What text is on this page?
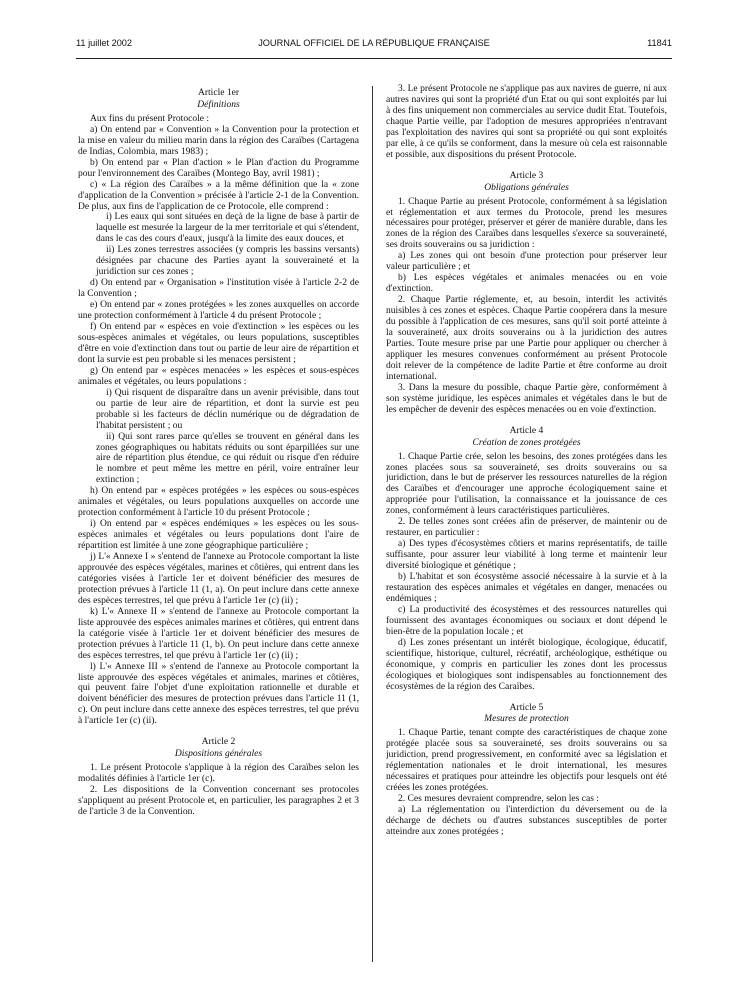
11 juillet 2002	JOURNAL OFFICIEL DE LA RÉPUBLIQUE FRANÇAISE	11841
Article 1er
Définitions

Aux fins du présent Protocole :

a) On entend par « Convention » la Convention pour la protection et la mise en valeur du milieu marin dans la région des Caraïbes (Cartagena de Indias, Colombia, mars 1983) ;

b) On entend par « Plan d'action » le Plan d'action du Programme pour l'environnement des Caraïbes (Montego Bay, avril 1981) ;

c) « La région des Caraïbes » a la même définition que la « zone d'application de la Convention » précisée à l'article 2-1 de la Convention. De plus, aux fins de l'application de ce Protocole, elle comprend :

i) Les eaux qui sont situées en deçà de la ligne de base à partir de laquelle est mesurée la largeur de la mer territoriale et qui s'étendent, dans le cas des cours d'eaux, jusqu'à la limite des eaux douces, et

ii) Les zones terrestres associées (y compris les bassins versants) désignées par chacune des Parties ayant la souveraineté et la juridiction sur ces zones ;

d) On entend par « Organisation » l'institution visée à l'article 2-2 de la Convention ;

e) On entend par « zones protégées » les zones auxquelles on accorde une protection conformément à l'article 4 du présent Protocole ;

f) On entend par « espèces en voie d'extinction » les espèces ou les sous-espèces animales et végétales, ou leurs populations, susceptibles d'être en voie d'extinction dans tout ou partie de leur aire de répartition et dont la survie est peu probable si les menaces persistent ;

g) On entend par « espèces menacées » les espèces et sous-espèces animales et végétales, ou leurs populations :

i) Qui risquent de disparaître dans un avenir prévisible, dans tout ou partie de leur aire de répartition, et dont la survie est peu probable si les facteurs de déclin numérique ou de dégradation de l'habitat persistent ; ou

ii) Qui sont rares parce qu'elles se trouvent en général dans les zones géographiques ou habitats réduits ou sont éparpillées sur une aire de répartition plus étendue, ce qui réduit ou risque d'en réduire le nombre et peut même les mettre en péril, voire entraîner leur extinction ;

h) On entend par « espèces protégées » les espèces ou sous-espèces animales et végétales, ou leurs populations auxquelles on accorde une protection conformément à l'article 10 du présent Protocole ;

i) On entend par « espèces endémiques » les espèces ou les sous-espèces animales et végétales ou leurs populations dont l'aire de répartition est limitée à une zone géographique particulière ;

j) L'« Annexe I » s'entend de l'annexe au Protocole comportant la liste approuvée des espèces végétales, marines et côtières, qui entrent dans les catégories visées à l'article 1er et doivent bénéficier des mesures de protection prévues à l'article 11 (1, a). On peut inclure dans cette annexe des espèces terrestres, tel que prévu à l'article 1er (c) (ii) ;

k) L'« Annexe II » s'entend de l'annexe au Protocole comportant la liste approuvée des espèces animales marines et côtières, qui entrent dans la catégorie visée à l'article 1er et doivent bénéficier des mesures de protection prévues à l'article 11 (1, b). On peut inclure dans cette annexe des espèces terrestres, tel que prévu à l'article 1er (c) (ii) ;

l) L'« Annexe III » s'entend de l'annexe au Protocole comportant la liste approuvée des espèces végétales et animales, marines et côtières, qui peuvent faire l'objet d'une exploitation rationnelle et durable et doivent bénéficier des mesures de protection prévues dans l'article 11 (1, c). On peut inclure dans cette annexe des espèces terrestres, tel que prévu à l'article 1er (c) (ii).

Article 2
Dispositions générales

1. Le présent Protocole s'applique à la région des Caraïbes selon les modalités définies à l'article 1er (c).

2. Les dispositions de la Convention concernant ses protocoles s'appliquent au présent Protocole et, en particulier, les paragraphes 2 et 3 de l'article 3 de la Convention.

3. Le présent Protocole ne s'applique pas aux navires de guerre, ni aux autres navires qui sont la propriété d'un Etat ou qui sont exploités par lui à des fins uniquement non commerciales au service dudit Etat. Toutefois, chaque Partie veille, par l'adoption de mesures appropriées n'entravant pas l'exploitation des navires qui sont sa propriété ou qui sont exploités par elle, à ce qu'ils se conforment, dans la mesure où cela est raisonnable et possible, aux dispositions du présent Protocole.

Article 3
Obligations générales

1. Chaque Partie au présent Protocole, conformément à sa législation et réglementation et aux termes du Protocole, prend les mesures nécessaires pour protéger, préserver et gérer de manière durable, dans les zones de la région des Caraïbes dans lesquelles s'exerce sa souveraineté, ses droits souverains ou sa juridiction :

a) Les zones qui ont besoin d'une protection pour préserver leur valeur particulière ; et

b) Les espèces végétales et animales menacées ou en voie d'extinction.

2. Chaque Partie réglemente, et, au besoin, interdit les activités nuisibles à ces zones et espèces. Chaque Partie coopérera dans la mesure du possible à l'application de ces mesures, sans qu'il soit porté atteinte à la souveraineté, aux droits souverains ou à la juridiction des autres Parties. Toute mesure prise par une Partie pour appliquer ou chercher à appliquer les mesures convenues conformément au présent Protocole doit relever de la compétence de ladite Partie et être conforme au droit international.

3. Dans la mesure du possible, chaque Partie gère, conformément à son système juridique, les espèces animales et végétales dans le but de les empêcher de devenir des espèces menacées ou en voie d'extinction.

Article 4
Création de zones protégées

1. Chaque Partie crée, selon les besoins, des zones protégées dans les zones placées sous sa souveraineté, ses droits souverains ou sa juridiction, dans le but de préserver les ressources naturelles de la région des Caraïbes et d'encourager une approche écologiquement saine et appropriée pour l'utilisation, la connaissance et la jouissance de ces zones, conformément à leurs caractéristiques particulières.

2. De telles zones sont créées afin de préserver, de maintenir ou de restaurer, en particulier :

a) Des types d'écosystèmes côtiers et marins représentatifs, de taille suffisante, pour assurer leur viabilité à long terme et maintenir leur diversité biologique et génétique ;

b) L'habitat et son écosystème associé nécessaire à la survie et à la restauration des espèces animales et végétales en danger, menacées ou endémiques ;

c) La productivité des écosystèmes et des ressources naturelles qui fournissent des avantages économiques ou sociaux et dont dépend le bien-être de la population locale ; et

d) Les zones présentant un intérêt biologique, écologique, éducatif, scientifique, historique, culturel, récréatif, archéologique, esthétique ou économique, y compris en particulier les zones dont les processus écologiques et biologiques sont indispensables au fonctionnement des écosystèmes de la région des Caraïbes.

Article 5
Mesures de protection

1. Chaque Partie, tenant compte des caractéristiques de chaque zone protégée placée sous sa souveraineté, ses droits souverains ou sa juridiction, prend progressivement, en conformité avec sa législation et réglementation nationales et le droit international, les mesures nécessaires et pratiques pour atteindre les objectifs pour lesquels ont été créées les zones protégées.

2. Ces mesures devraient comprendre, selon les cas :

a) La réglementation ou l'interdiction du déversement ou de la décharge de déchets ou d'autres substances susceptibles de porter atteindre aux zones protégées ;
